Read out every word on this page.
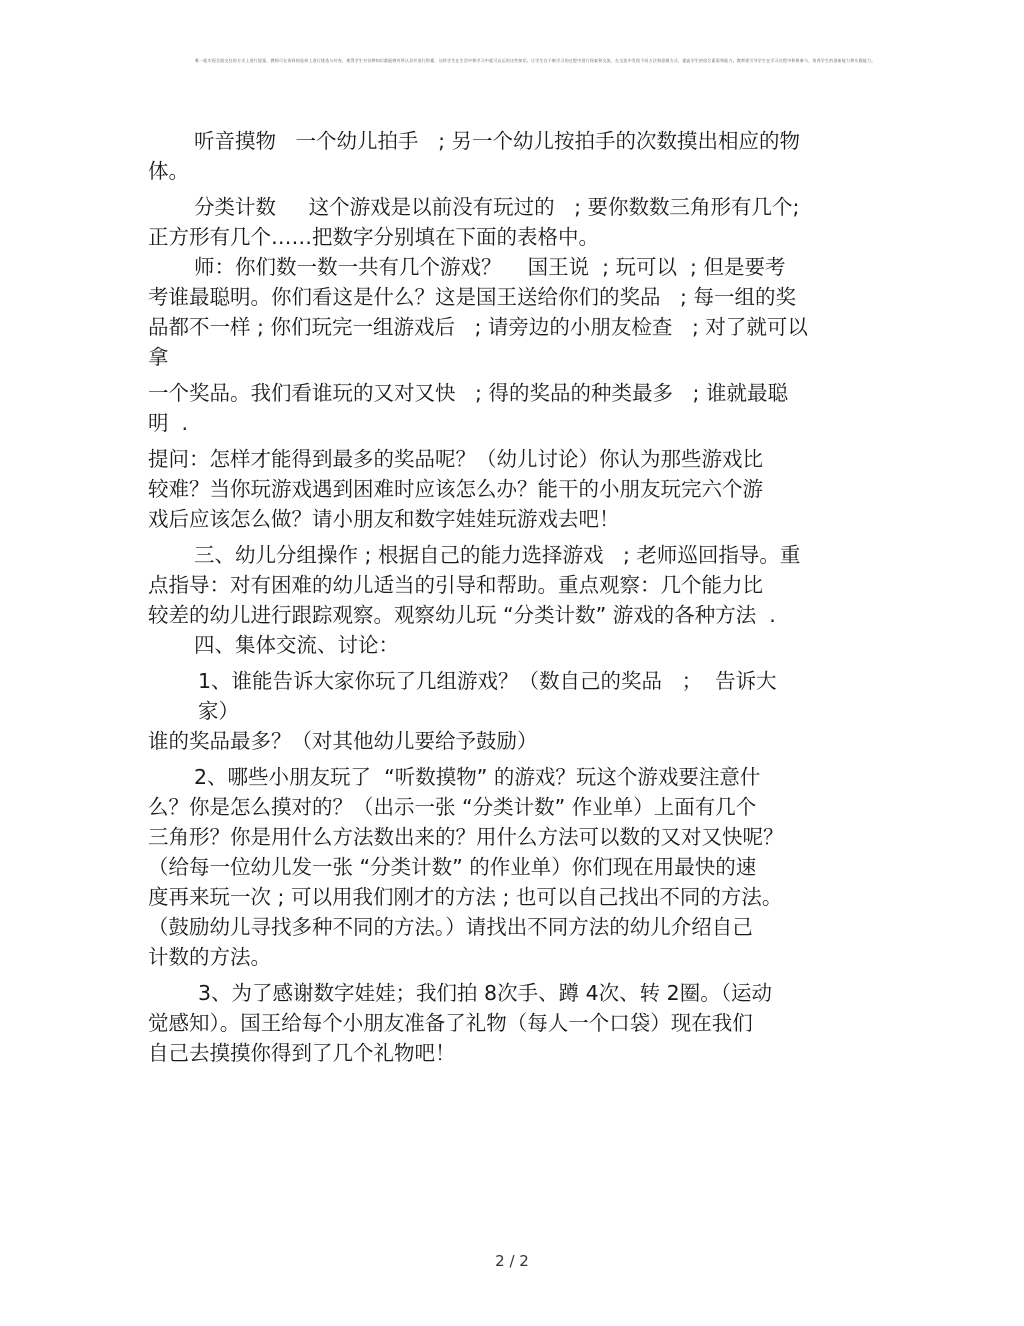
唯一能实现全面交往的方式上进行提案，教师可在资料的选择上进行挑选与补充，使得学生对各种知识都能够有所认识并进行积累，这样学生在生活中和学习中就可以运用这些知识。让学生在不断学习的过程中进行探索和交流，在交流中发现不同方法和思维方式，提高学生的综合素质和能力。教师要引导学生在学习过程中积极参与，培养学生的创新能力和实践能力。

听音摸物   一个幼儿拍手   ; 另一个幼儿按拍手的次数摸出相应的物

体。

分类计数     这个游戏是以前没有玩过的   ; 要你数数三角形有几个;

正方形有几个……把数字分别填在下面的表格中。

师：你们数一数一共有几个游戏？    国王说  ; 玩可以  ; 但是要考

考谁最聪明。你们看这是什么？这是国王送给你们的奖品   ; 每一组的奖

品都不一样 ; 你们玩完一组游戏后   ; 请旁边的小朋友检查   ; 对了就可以

拿

一个奖品。我们看谁玩的又对又快   ; 得的奖品的种类最多   ; 谁就最聪

明  .

提问：怎样才能得到最多的奖品呢？（幼儿讨论）你认为那些游戏比

较难？当你玩游戏遇到困难时应该怎么办？能干的小朋友玩完六个游

戏后应该怎么做？请小朋友和数字娃娃玩游戏去吧！

三、幼儿分组操作 ; 根据自己的能力选择游戏   ; 老师巡回指导。重

点指导：对有困难的幼儿适当的引导和帮助。重点观察：几个能力比

较差的幼儿进行跟踪观察。观察幼儿玩 “分类计数” 游戏的各种方法  .

四、集体交流、讨论：

1、谁能告诉大家你玩了几组游戏？（数自己的奖品   ；  告诉大

家）

谁的奖品最多？（对其他幼儿要给予鼓励）

2、哪些小朋友玩了  “听数摸物” 的游戏？玩这个游戏要注意什

么？你是怎么摸对的？（出示一张 “分类计数” 作业单）上面有几个

三角形？你是用什么方法数出来的？用什么方法可以数的又对又快呢？

（给每一位幼儿发一张 “分类计数” 的作业单）你们现在用最快的速

度再来玩一次 ; 可以用我们刚才的方法 ; 也可以自己找出不同的方法。

（鼓励幼儿寻找多种不同的方法。）请找出不同方法的幼儿介绍自己

计数的方法。

3、为了感谢数字娃娃；我们拍 8次手、蹲 4次、转 2圈。（运动

觉感知）。国王给每个小朋友准备了礼物（每人一个口袋）现在我们

自己去摸摸你得到了几个礼物吧！

2 / 2
